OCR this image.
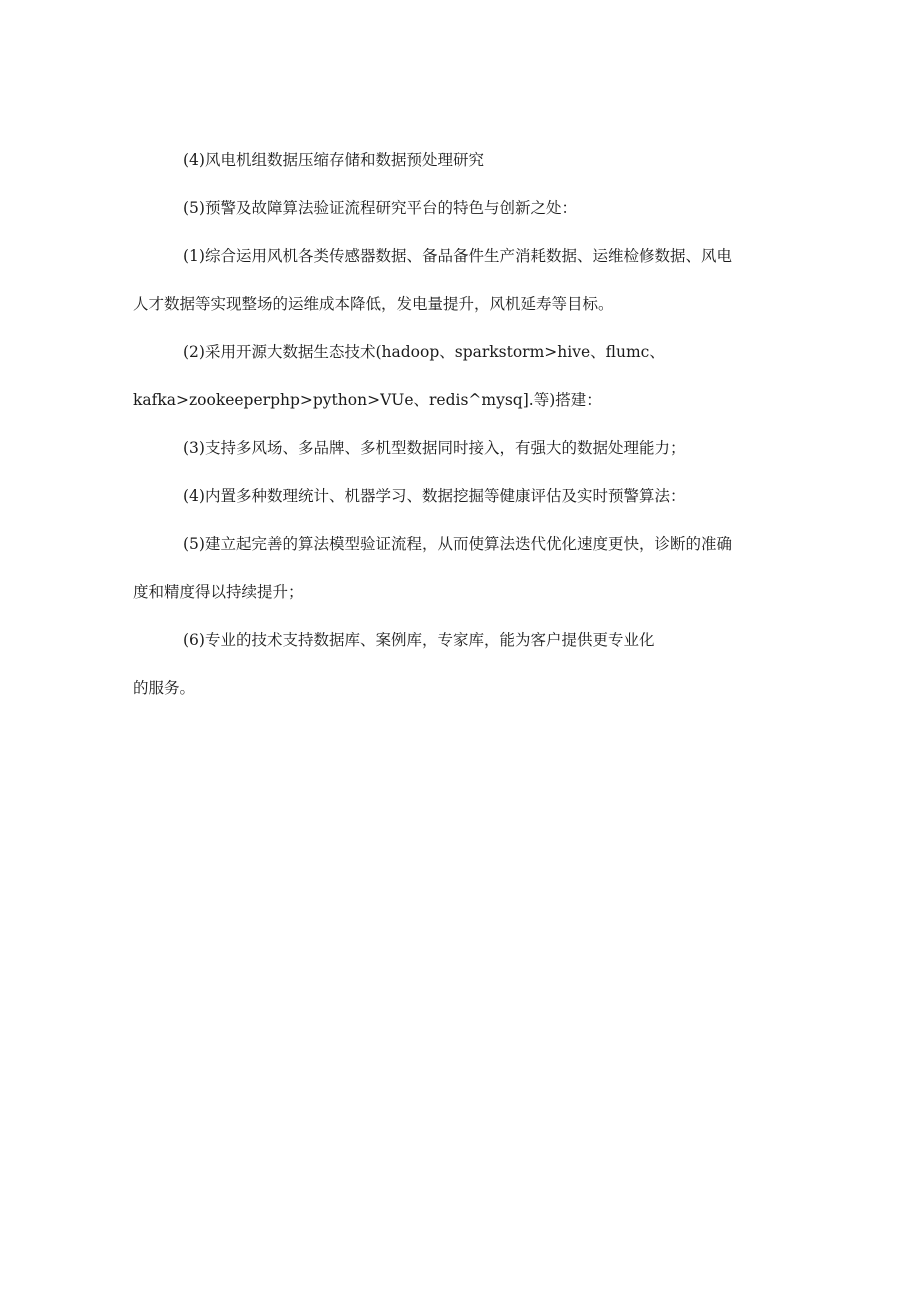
(4)风电机组数据压缩存储和数据预处理研究
(5)预警及故障算法验证流程研究平台的特色与创新之处：
(1)综合运用风机各类传感器数据、备品备件生产消耗数据、运维检修数据、风电
人才数据等实现整场的运维成本降低，发电量提升，风机延寿等目标。
(2)采用开源大数据生态技术(hadoop、sparkstorm>hive、flumc、
kafka>zookeeperphp>python>VUe、redis^mysq].等)搭建：
(3)支持多风场、多品牌、多机型数据同时接入，有强大的数据处理能力；
(4)内置多种数理统计、机器学习、数据挖掘等健康评估及实时预警算法：
(5)建立起完善的算法模型验证流程，从而使算法迭代优化速度更快，诊断的准确
度和精度得以持续提升；
(6)专业的技术支持数据库、案例库，专家库，能为客户提供更专业化
的服务。
